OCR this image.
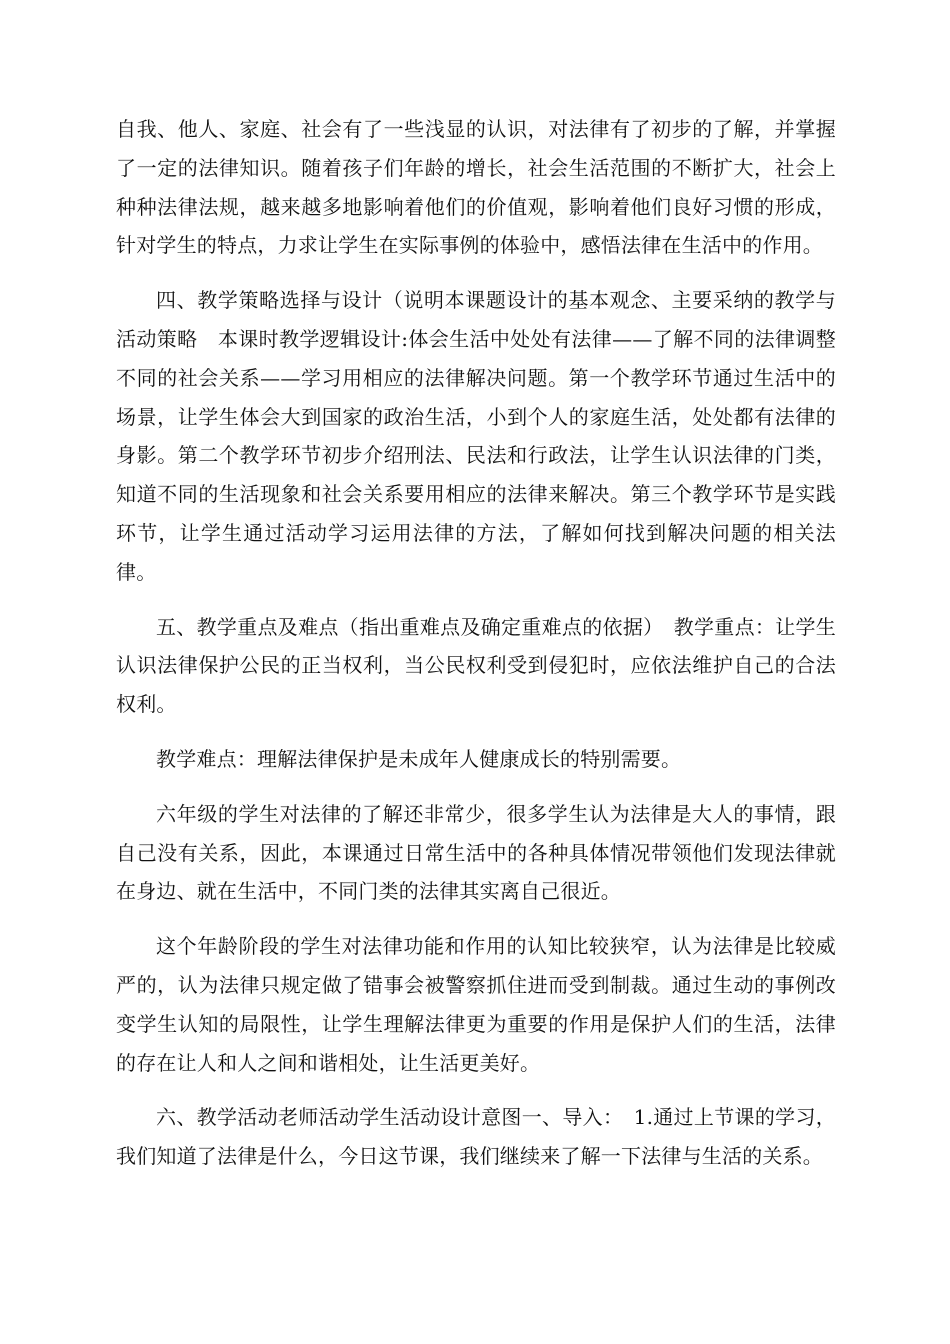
自我、他人、家庭、社会有了一些浅显的认识，对法律有了初步的了解，并掌握了一定的法律知识。随着孩子们年龄的增长，社会生活范围的不断扩大，社会上种种法律法规，越来越多地影响着他们的价值观，影响着他们良好习惯的形成，针对学生的特点，力求让学生在实际事例的体验中，感悟法律在生活中的作用。

四、教学策略选择与设计（说明本课题设计的基本观念、主要采纳的教学与活动策略　本课时教学逻辑设计:体会生活中处处有法律——了解不同的法律调整不同的社会关系——学习用相应的法律解决问题。第一个教学环节通过生活中的场景，让学生体会大到国家的政治生活，小到个人的家庭生活，处处都有法律的身影。第二个教学环节初步介绍刑法、民法和行政法，让学生认识法律的门类，知道不同的生活现象和社会关系要用相应的法律来解决。第三个教学环节是实践环节，让学生通过活动学习运用法律的方法，了解如何找到解决问题的相关法律。

五、教学重点及难点（指出重难点及确定重难点的依据）　教学重点：让学生认识法律保护公民的正当权利，当公民权利受到侵犯时，应依法维护自己的合法权利。

教学难点：理解法律保护是未成年人健康成长的特别需要。

六年级的学生对法律的了解还非常少，很多学生认为法律是大人的事情，跟自己没有关系，因此，本课通过日常生活中的各种具体情况带领他们发现法律就在身边、就在生活中，不同门类的法律其实离自己很近。

这个年龄阶段的学生对法律功能和作用的认知比较狭窄，认为法律是比较威严的，认为法律只规定做了错事会被警察抓住进而受到制裁。通过生动的事例改变学生认知的局限性，让学生理解法律更为重要的作用是保护人们的生活，法律的存在让人和人之间和谐相处，让生活更美好。

六、教学活动老师活动学生活动设计意图一、导入：　1.通过上节课的学习，我们知道了法律是什么，今日这节课，我们继续来了解一下法律与生活的关系。
